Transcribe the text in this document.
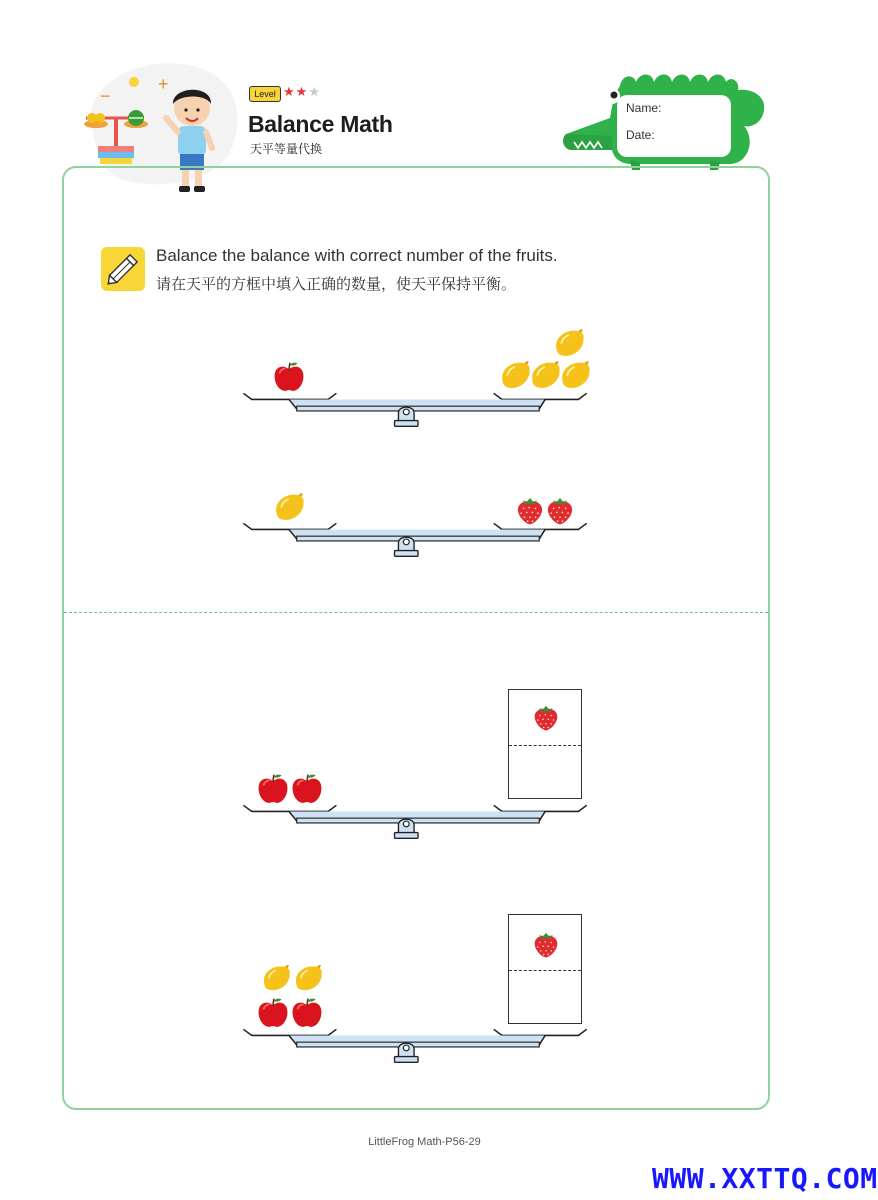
−
+	Level ★★★
Balance Math
天平等量代换
Name:
Date:
Balance the balance with correct number of the fruits.
请在天平的方框中填入正确的数量，使天平保持平衡。
LittleFrog Math-P56-29
WWW.XXTTQ.COM
